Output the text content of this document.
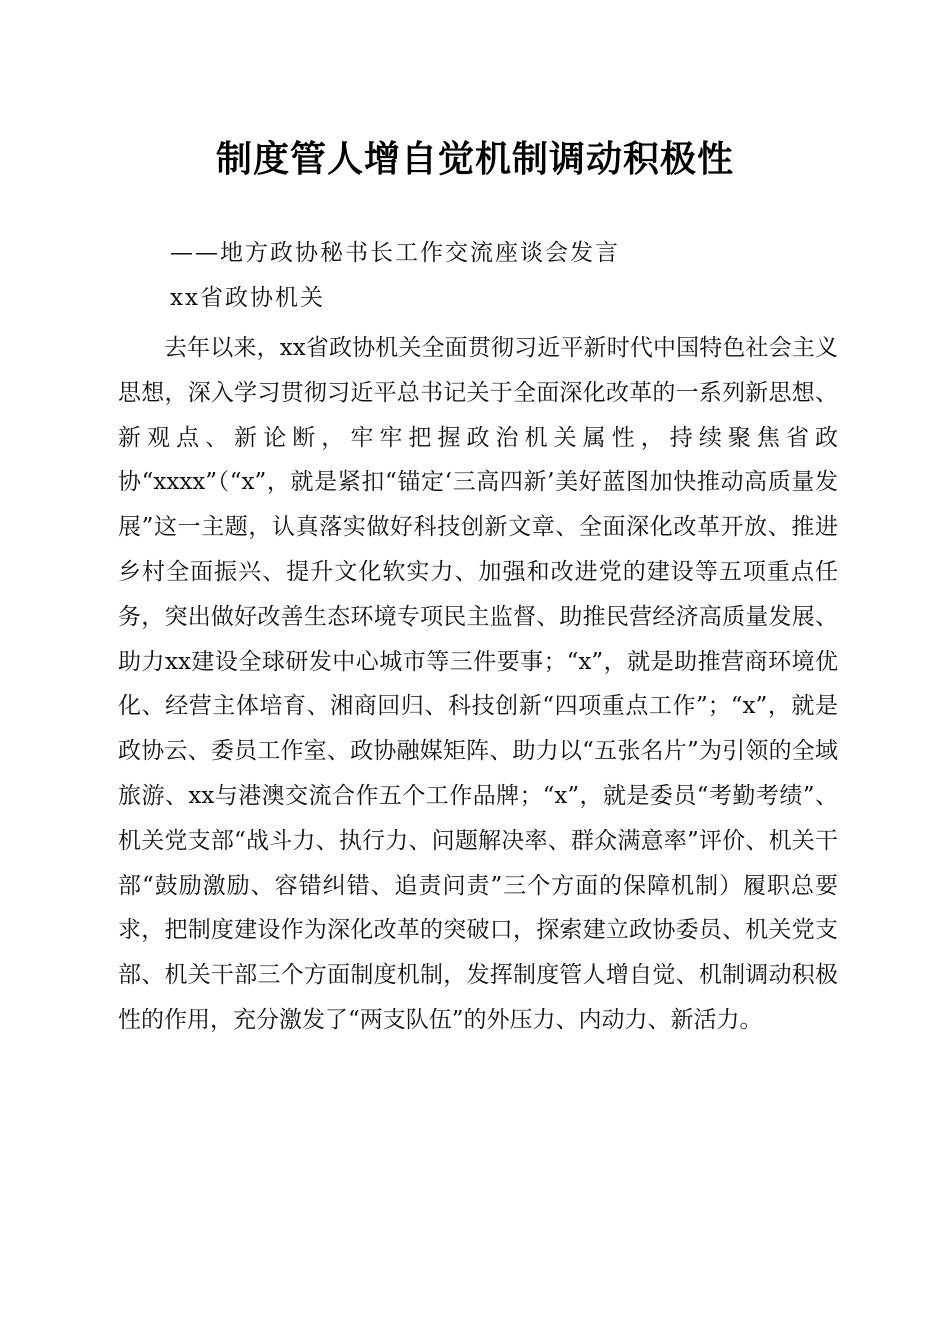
制度管人增自觉机制调动积极性
——地方政协秘书长工作交流座谈会发言
xx省政协机关

去年以来，xx省政协机关全面贯彻习近平新时代中国特色社会主义思想，深入学习贯彻习近平总书记关于全面深化改革的一系列新思想、新观点、新论断，牢牢把握政治机关属性，持续聚焦省政协“xxxx”（“x”，就是紧扣“锚定‘三高四新’美好蓝图加快推动高质量发展”这一主题，认真落实做好科技创新文章、全面深化改革开放、推进乡村全面振兴、提升文化软实力、加强和改进党的建设等五项重点任务，突出做好改善生态环境专项民主监督、助推民营经济高质量发展、助力xx建设全球研发中心城市等三件要事；“x”，就是助推营商环境优化、经营主体培育、湘商回归、科技创新“四项重点工作”；“x”，就是政协云、委员工作室、政协融媒矩阵、助力以“五张名片”为引领的全域旅游、xx与港澳交流合作五个工作品牌；“x”，就是委员“考勤考绩”、机关党支部“战斗力、执行力、问题解决率、群众满意率”评价、机关干部“鼓励激励、容错纠错、追责问责”三个方面的保障机制）履职总要求，把制度建设作为深化改革的突破口，探索建立政协委员、机关党支部、机关干部三个方面制度机制，发挥制度管人增自觉、机制调动积极性的作用，充分激发了“两支队伍”的外压力、内动力、新活力。
